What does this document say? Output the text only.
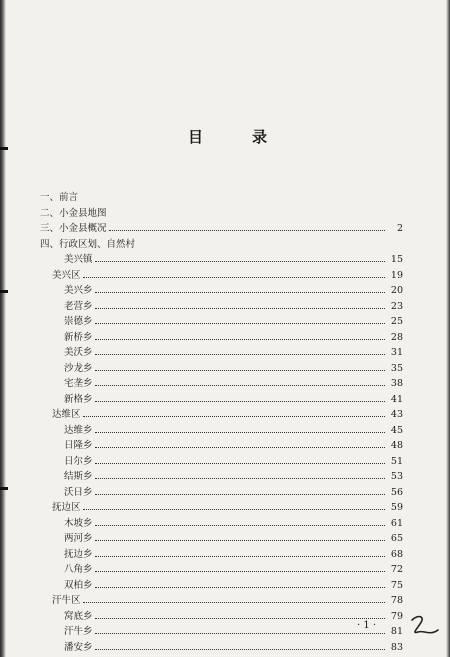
目	录
一、前言
二、小金县地图
三、小金县概况	2
四、行政区划、自然村
美兴镇	15
美兴区	19
美兴乡	20
老营乡	23
崇德乡	25
新桥乡	28
美沃乡	31
沙龙乡	35
宅垄乡	38
新格乡	41
达维区	43
达维乡	45
日隆乡	48
日尔乡	51
结斯乡	53
沃日乡	56
抚边区	59
木坡乡	61
两河乡	65
抚边乡	68
八角乡	72
双柏乡	75
汗牛区	78
窝底乡	79
汗牛乡	81
潘安乡	83
· 1 ·
